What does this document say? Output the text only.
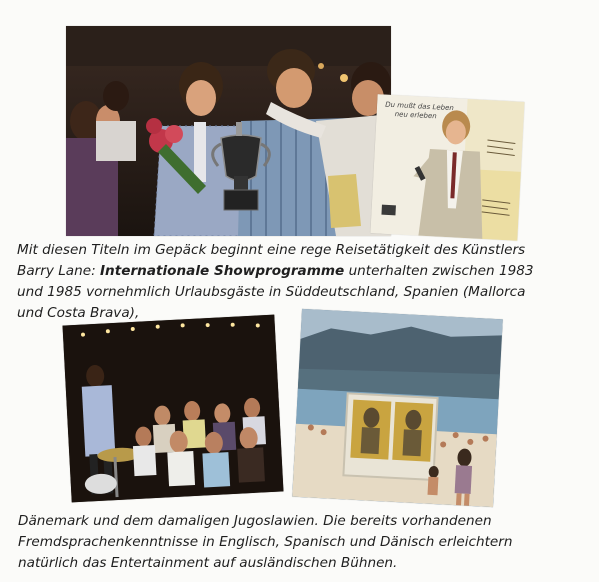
Du mußt das Leben
neu erleben
Mit diesen Titeln im Gepäck beginnt eine rege Reisetätigkeit des Künstlers
Barry Lane: Internationale Showprogramme unterhalten zwischen 1983
und 1985 vornehmlich Urlaubsgäste in Süddeutschland, Spanien (Mallorca
und Costa Brava),
Dänemark und dem damaligen Jugoslawien. Die bereits vorhandenen
Fremdsprachenkenntnisse in Englisch, Spanisch und Dänisch erleichtern
natürlich das Entertainment auf ausländischen Bühnen.
